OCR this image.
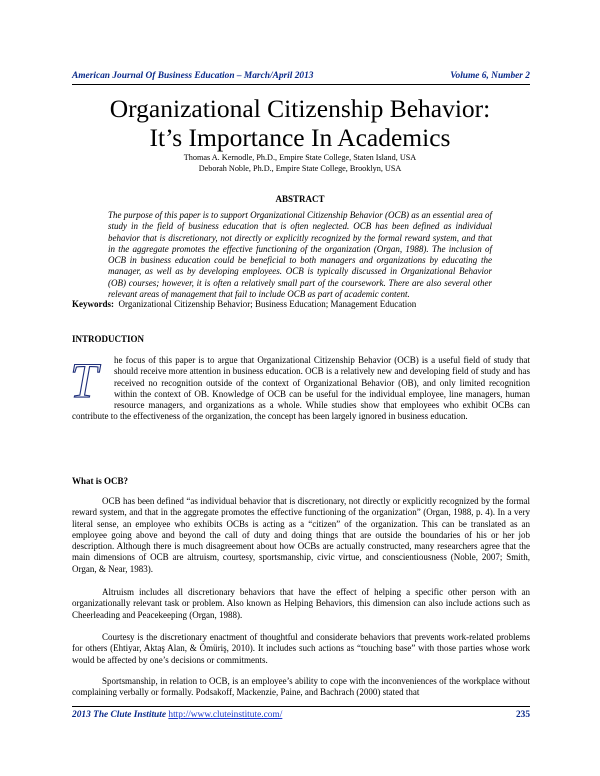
American Journal Of Business Education – March/April 2013	Volume 6, Number 2
Organizational Citizenship Behavior:
It’s Importance In Academics
Thomas A. Kernodle, Ph.D., Empire State College, Staten Island, USA
Deborah Noble, Ph.D., Empire State College, Brooklyn, USA
ABSTRACT
The purpose of this paper is to support Organizational Citizenship Behavior (OCB) as an essential area of study in the field of business education that is often neglected. OCB has been defined as individual behavior that is discretionary, not directly or explicitly recognized by the formal reward system, and that in the aggregate promotes the effective functioning of the organization (Organ, 1988). The inclusion of OCB in business education could be beneficial to both managers and organizations by educating the manager, as well as by developing employees. OCB is typically discussed in Organizational Behavior (OB) courses; however, it is often a relatively small part of the coursework. There are also several other relevant areas of management that fail to include OCB as part of academic content.
Keywords: Organizational Citizenship Behavior; Business Education; Management Education
INTRODUCTION
T	he focus of this paper is to argue that Organizational Citizenship Behavior (OCB) is a useful field of study that should receive more attention in business education. OCB is a relatively new and developing field of study and has received no recognition outside of the context of Organizational Behavior (OB), and only limited recognition within the context of OB. Knowledge of OCB can be useful for the individual employee, line managers, human resource managers, and organizations as a whole. While studies show that employees who exhibit OCBs can contribute to the effectiveness of the organization, the concept has been largely ignored in business education.
What is OCB?
OCB has been defined “as individual behavior that is discretionary, not directly or explicitly recognized by the formal reward system, and that in the aggregate promotes the effective functioning of the organization” (Organ, 1988, p. 4). In a very literal sense, an employee who exhibits OCBs is acting as a “citizen” of the organization. This can be translated as an employee going above and beyond the call of duty and doing things that are outside the boundaries of his or her job description. Although there is much disagreement about how OCBs are actually constructed, many researchers agree that the main dimensions of OCB are altruism, courtesy, sportsmanship, civic virtue, and conscientiousness (Noble, 2007; Smith, Organ, & Near, 1983).
Altruism includes all discretionary behaviors that have the effect of helping a specific other person with an organizationally relevant task or problem. Also known as Helping Behaviors, this dimension can also include actions such as Cheerleading and Peacekeeping (Organ, 1988).
Courtesy is the discretionary enactment of thoughtful and considerate behaviors that prevents work-related problems for others (Ehtiyar, Aktaş Alan, & Ömüriş, 2010). It includes such actions as “touching base” with those parties whose work would be affected by one’s decisions or commitments.
Sportsmanship, in relation to OCB, is an employee’s ability to cope with the inconveniences of the workplace without complaining verbally or formally. Podsakoff, Mackenzie, Paine, and Bachrach (2000) stated that
2013 The Clute Institute http://www.cluteinstitute.com/	235
